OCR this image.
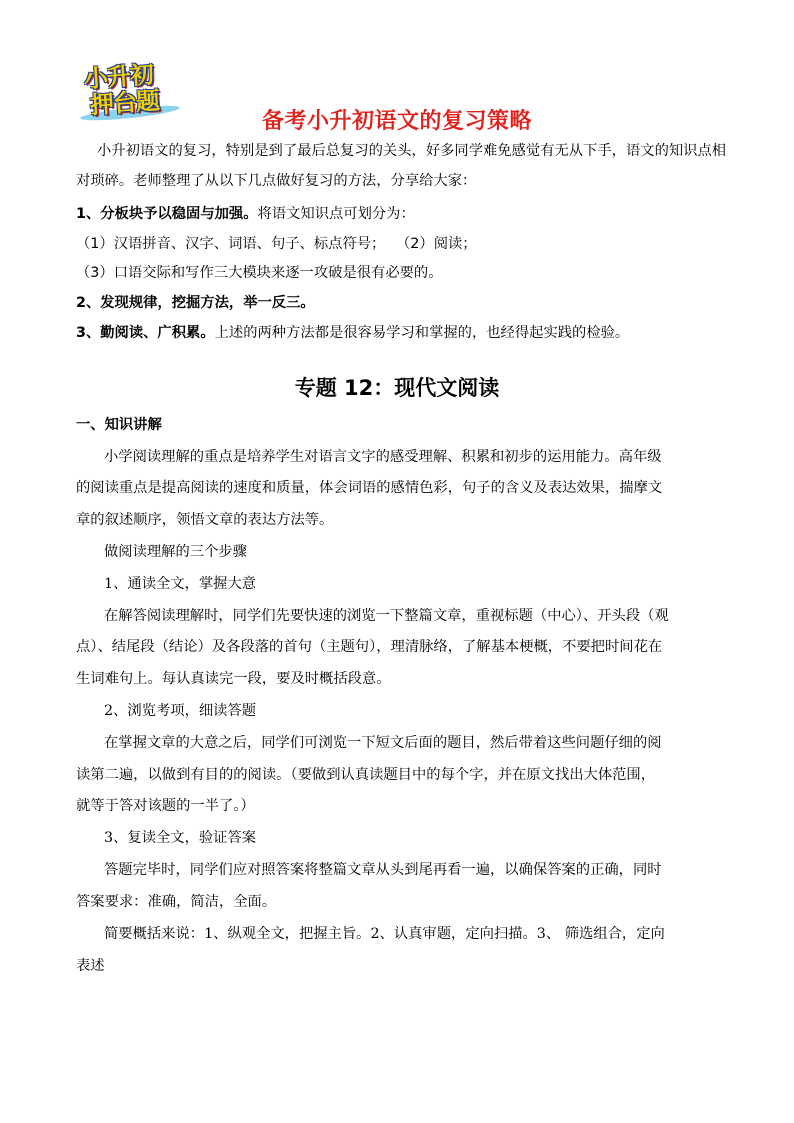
小升初
押台题
备考小升初语文的复习策略
小升初语文的复习，特别是到了最后总复习的关头，好多同学难免感觉有无从下手，语文的知识点相
对琐碎。老师整理了从以下几点做好复习的方法，分享给大家：
1、分板块予以稳固与加强。将语文知识点可划分为：
（1）汉语拼音、汉字、词语、句子、标点符号； （2）阅读；
（3）口语交际和写作三大模块来逐一攻破是很有必要的。
2、发现规律，挖掘方法，举一反三。
3、勤阅读、广积累。上述的两种方法都是很容易学习和掌握的，也经得起实践的检验。
专题 12：现代文阅读
一、知识讲解
小学阅读理解的重点是培养学生对语言文字的感受理解、积累和初步的运用能力。高年级
的阅读重点是提高阅读的速度和质量，体会词语的感情色彩，句子的含义及表达效果，揣摩文
章的叙述顺序，领悟文章的表达方法等。
做阅读理解的三个步骤
1、通读全文，掌握大意
在解答阅读理解时，同学们先要快速的浏览一下整篇文章，重视标题（中心）、开头段（观
点）、结尾段（结论）及各段落的首句（主题句），理清脉络，了解基本梗概，不要把时间花在
生词难句上。每认真读完一段，要及时概括段意。
2、浏览考项，细读答题
在掌握文章的大意之后，同学们可浏览一下短文后面的题目，然后带着这些问题仔细的阅
读第二遍，以做到有目的的阅读。（要做到认真读题目中的每个字，并在原文找出大体范围，
就等于答对该题的一半了。）
3、复读全文，验证答案
答题完毕时，同学们应对照答案将整篇文章从头到尾再看一遍，以确保答案的正确，同时
答案要求：准确，简洁，全面。
简要概括来说：1、纵观全文，把握主旨。2、认真审题，定向扫描。3、 筛选组合，定向
表述
